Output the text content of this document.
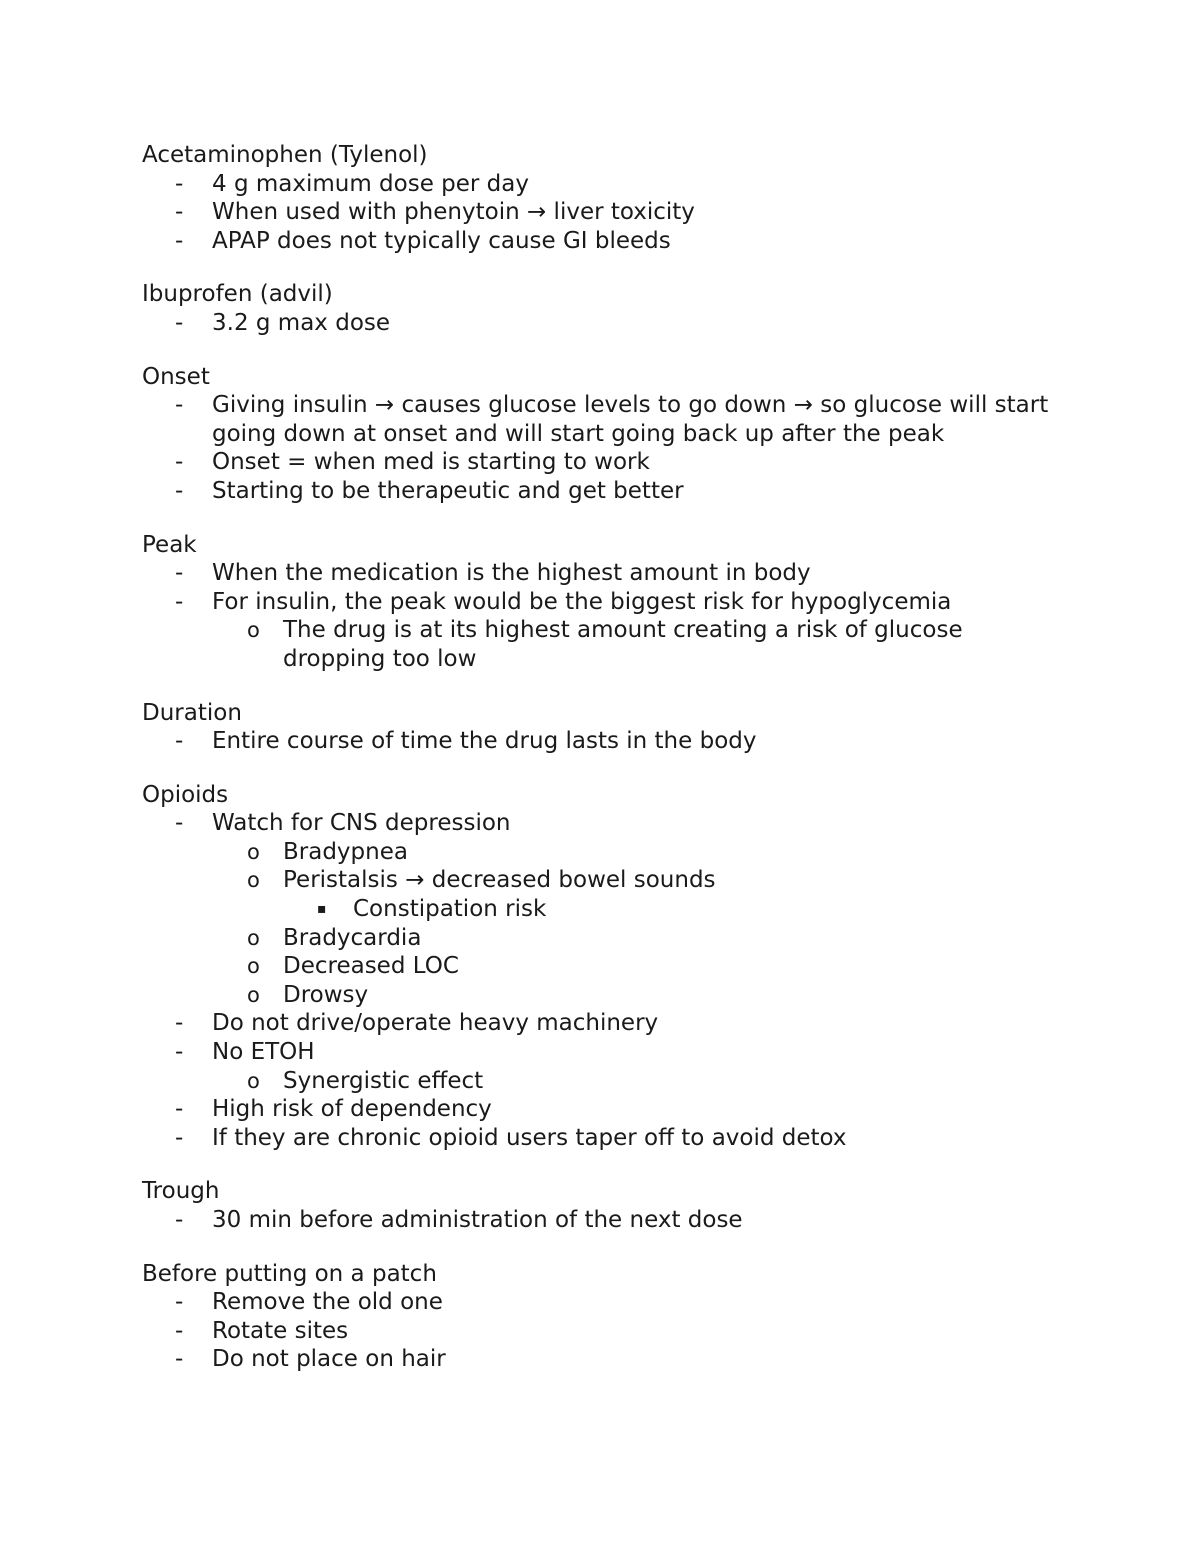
Acetaminophen (Tylenol)
- 4 g maximum dose per day
- When used with phenytoin → liver toxicity
- APAP does not typically cause GI bleeds
Ibuprofen (advil)
- 3.2 g max dose
Onset
- Giving insulin → causes glucose levels to go down → so glucose will start going down at onset and will start going back up after the peak
- Onset = when med is starting to work
- Starting to be therapeutic and get better
Peak
- When the medication is the highest amount in body
- For insulin, the peak would be the biggest risk for hypoglycemia
o The drug is at its highest amount creating a risk of glucose dropping too low
Duration
- Entire course of time the drug lasts in the body
Opioids
- Watch for CNS depression
o Bradypnea
o Peristalsis → decreased bowel sounds
▪ Constipation risk
o Bradycardia
o Decreased LOC
o Drowsy
- Do not drive/operate heavy machinery
- No ETOH
o Synergistic effect
- High risk of dependency
- If they are chronic opioid users taper off to avoid detox
Trough
- 30 min before administration of the next dose
Before putting on a patch
- Remove the old one
- Rotate sites
- Do not place on hair
